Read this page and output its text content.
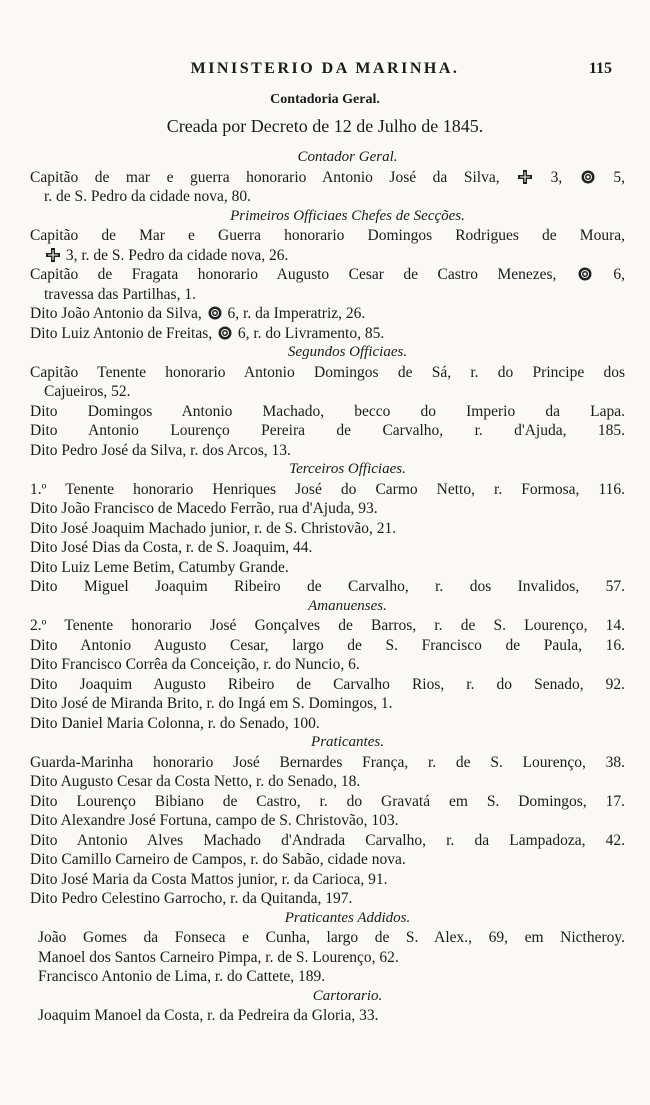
MINISTERIO DA MARINHA.	115
Contadoria Geral.
Creada por Decreto de 12 de Julho de 1845.
Contador Geral.
Capitão de mar e guerra honorario Antonio José da Silva,	3,	5,
r. de S. Pedro da cidade nova, 80.
Primeiros Officiaes Chefes de Secções.
Capitão de Mar e Guerra honorario Domingos Rodrigues de Moura,
3, r. de S. Pedro da cidade nova, 26.
Capitão de Fragata honorario Augusto Cesar de Castro Menezes,	6,
travessa das Partilhas, 1.
Dito João Antonio da Silva, 6, r. da Imperatriz, 26.
Dito Luiz Antonio de Freitas, 6, r. do Livramento, 85.
Segundos Officiaes.
Capitão Tenente honorario Antonio Domingos de Sá, r. do Principe dos
Cajueiros, 52.
Dito Domingos Antonio Machado, becco do Imperio da Lapa.
Dito Antonio Lourenço Pereira de Carvalho, r. d'Ajuda, 185.
Dito Pedro José da Silva, r. dos Arcos, 13.
Terceiros Officiaes.
1.º Tenente honorario Henriques José do Carmo Netto, r. Formosa, 116.
Dito João Francisco de Macedo Ferrão, rua d'Ajuda, 93.
Dito José Joaquim Machado junior, r. de S. Christovão, 21.
Dito José Dias da Costa, r. de S. Joaquim, 44.
Dito Luiz Leme Betim, Catumby Grande.
Dito Miguel Joaquim Ribeiro de Carvalho, r. dos Invalidos, 57.
Amanuenses.
2.º Tenente honorario José Gonçalves de Barros, r. de S. Lourenço, 14.
Dito Antonio Augusto Cesar, largo de S. Francisco de Paula, 16.
Dito Francisco Corrêa da Conceição, r. do Nuncio, 6.
Dito Joaquim Augusto Ribeiro de Carvalho Rios, r. do Senado, 92.
Dito José de Miranda Brito, r. do Ingá em S. Domingos, 1.
Dito Daniel Maria Colonna, r. do Senado, 100.
Praticantes.
Guarda-Marinha honorario José Bernardes França, r. de S. Lourenço, 38.
Dito Augusto Cesar da Costa Netto, r. do Senado, 18.
Dito Lourenço Bibiano de Castro, r. do Gravatá em S. Domingos, 17.
Dito Alexandre José Fortuna, campo de S. Christovão, 103.
Dito Antonio Alves Machado d'Andrada Carvalho, r. da Lampadoza, 42.
Dito Camillo Carneiro de Campos, r. do Sabão, cidade nova.
Dito José Maria da Costa Mattos junior, r. da Carioca, 91.
Dito Pedro Celestino Garrocho, r. da Quitanda, 197.
Praticantes Addidos.
João Gomes da Fonseca e Cunha, largo de S. Alex., 69, em Nictheroy.
Manoel dos Santos Carneiro Pimpa, r. de S. Lourenço, 62.
Francisco Antonio de Lima, r. do Cattete, 189.
Cartorario.
Joaquim Manoel da Costa, r. da Pedreira da Gloria, 33.
